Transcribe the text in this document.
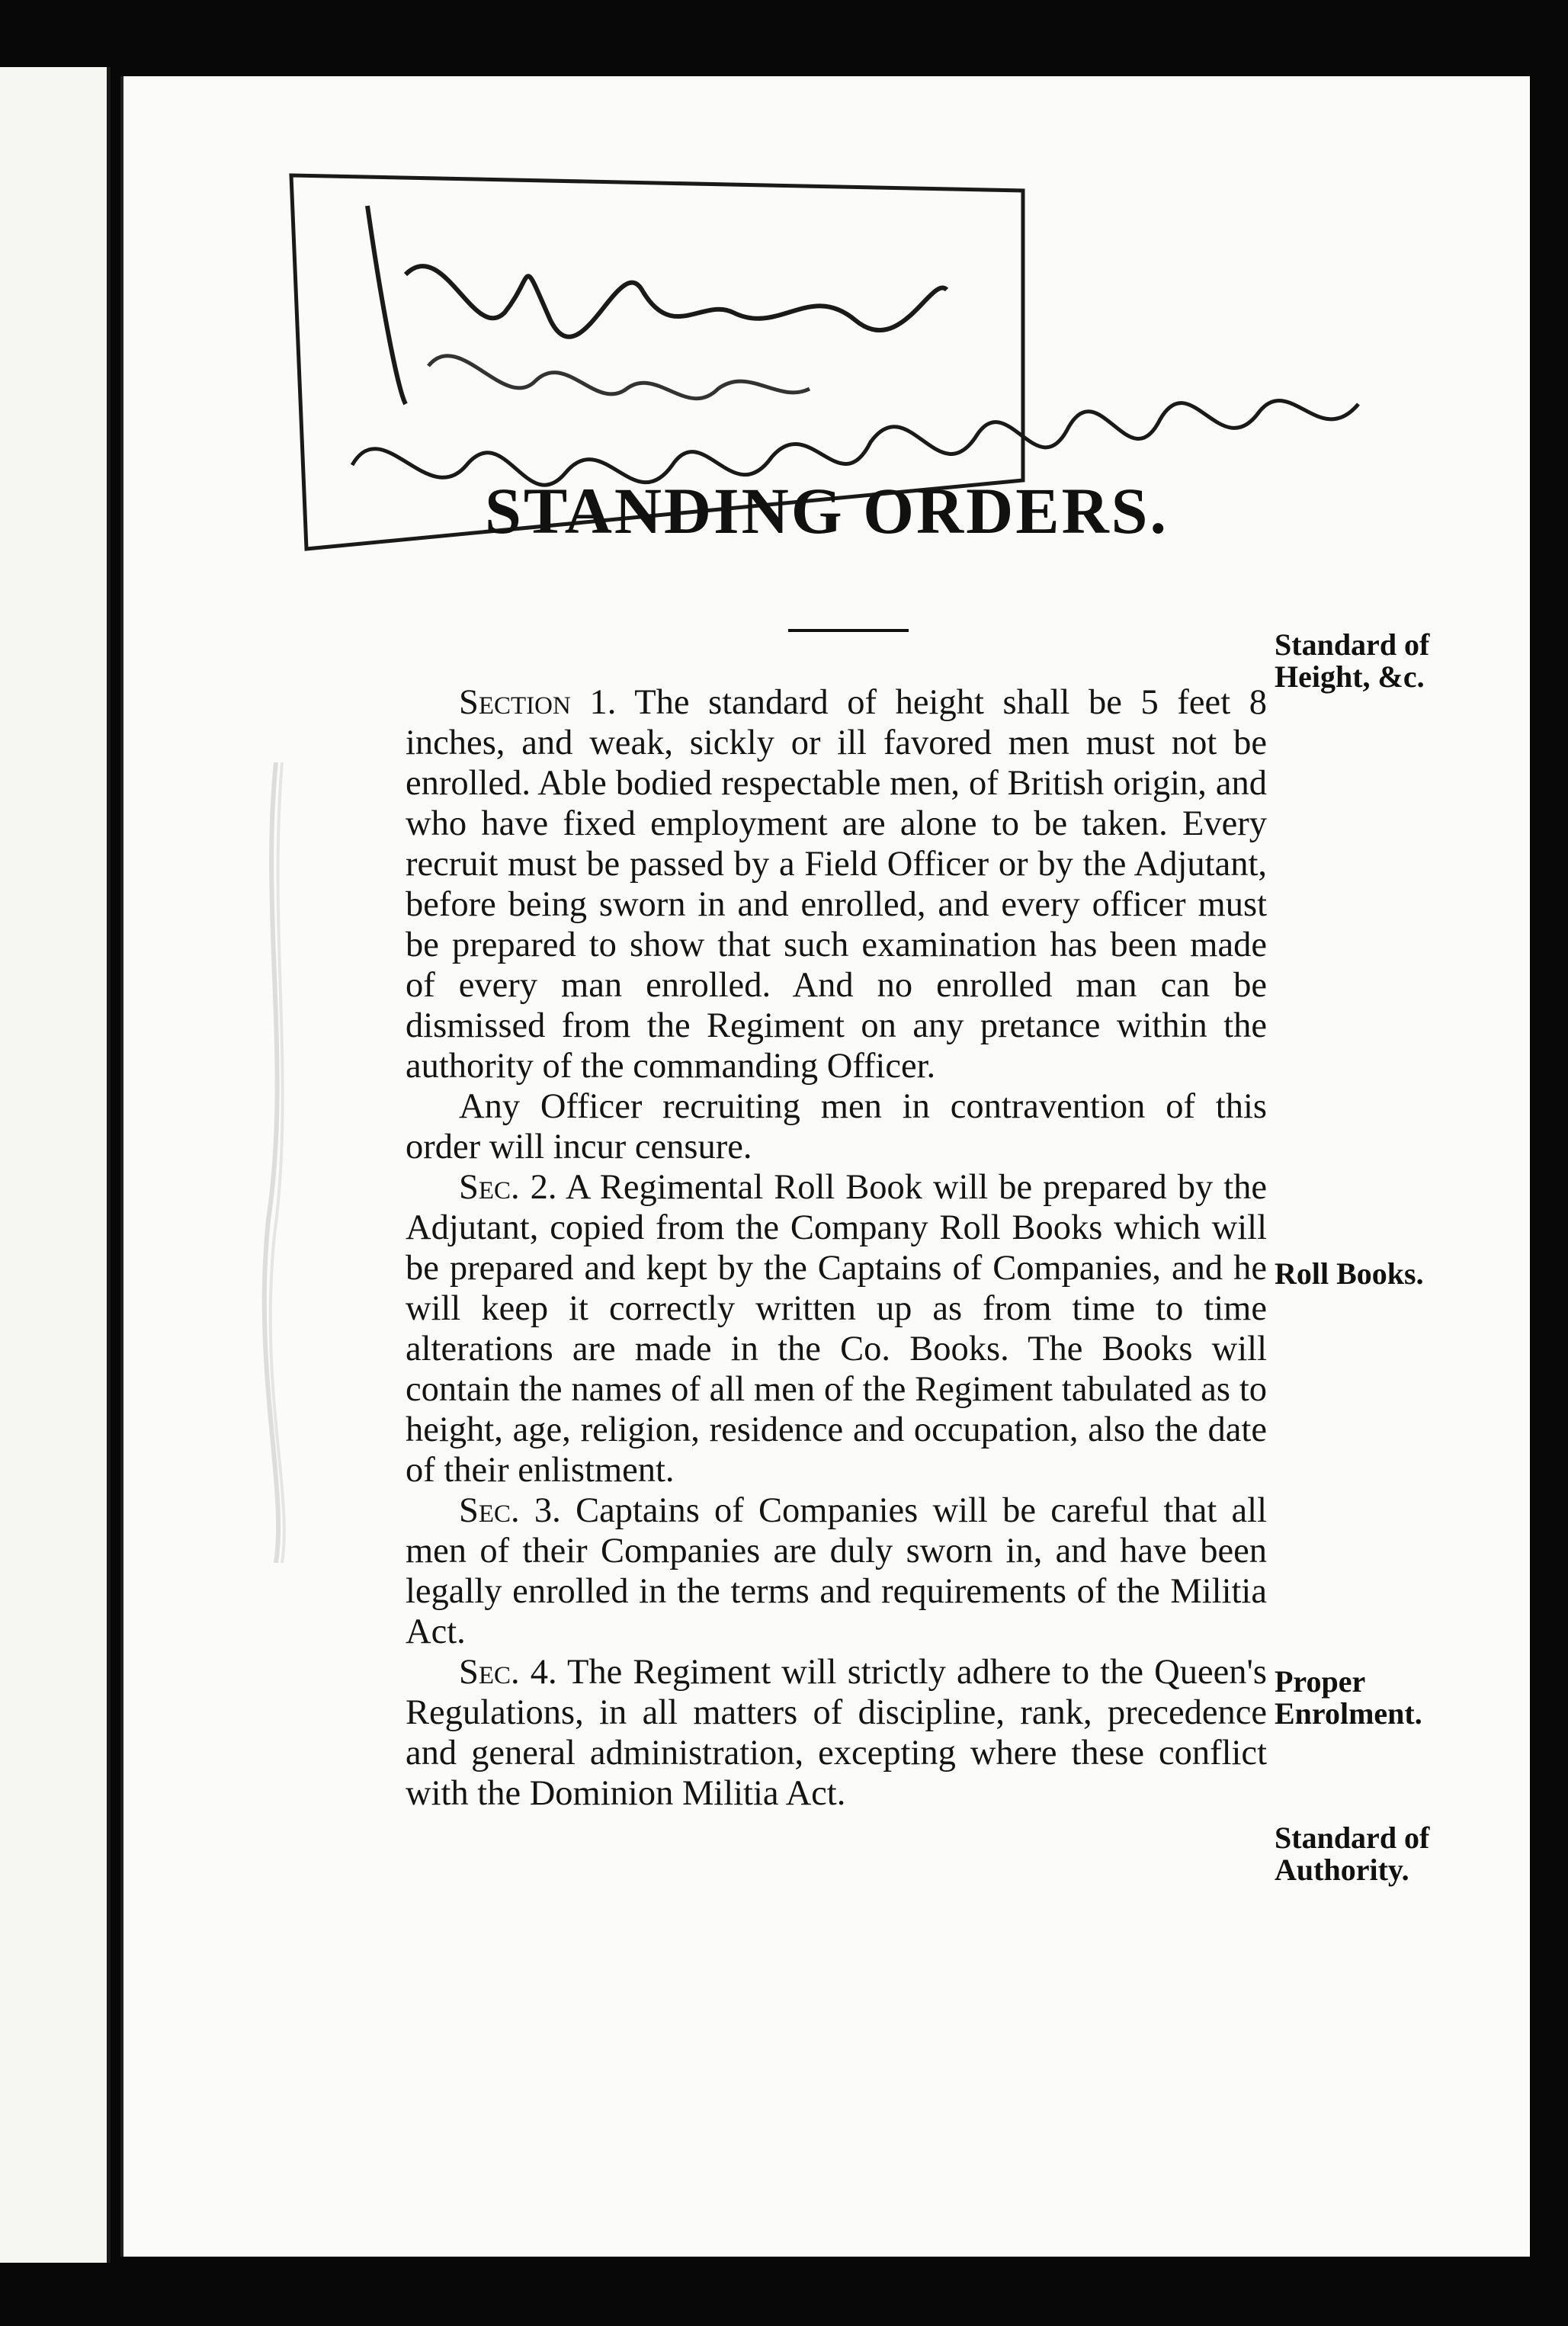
STANDING ORDERS.

Section 1. The standard of height shall be 5 feet 8 inches, and weak, sickly or ill favored men must not be enrolled. Able bodied respectable men, of British origin, and who have fixed employment are alone to be taken. Every recruit must be passed by a Field Officer or by the Adjutant, before being sworn in and enrolled, and every officer must be prepared to show that such examination has been made of every man enrolled. And no enrolled man can be dismissed from the Regiment on any pretance within the authority of the commanding Officer.

Any Officer recruiting men in contravention of this order will incur censure.

Sec. 2. A Regimental Roll Book will be prepared by the Adjutant, copied from the Company Roll Books which will be prepared and kept by the Captains of Companies, and he will keep it correctly written up as from time to time alterations are made in the Co. Books. The Books will contain the names of all men of the Regiment tabulated as to height, age, religion, residence and occupation, also the date of their enlistment.

Sec. 3. Captains of Companies will be careful that all men of their Companies are duly sworn in, and have been legally enrolled in the terms and requirements of the Militia Act.

Sec. 4. The Regiment will strictly adhere to the Queen's Regulations, in all matters of discipline, rank, precedence and general administration, excepting where these conflict with the Dominion Militia Act.

Standard of Height, &c.
Roll Books.
Proper Enrolment.
Standard of Authority.
